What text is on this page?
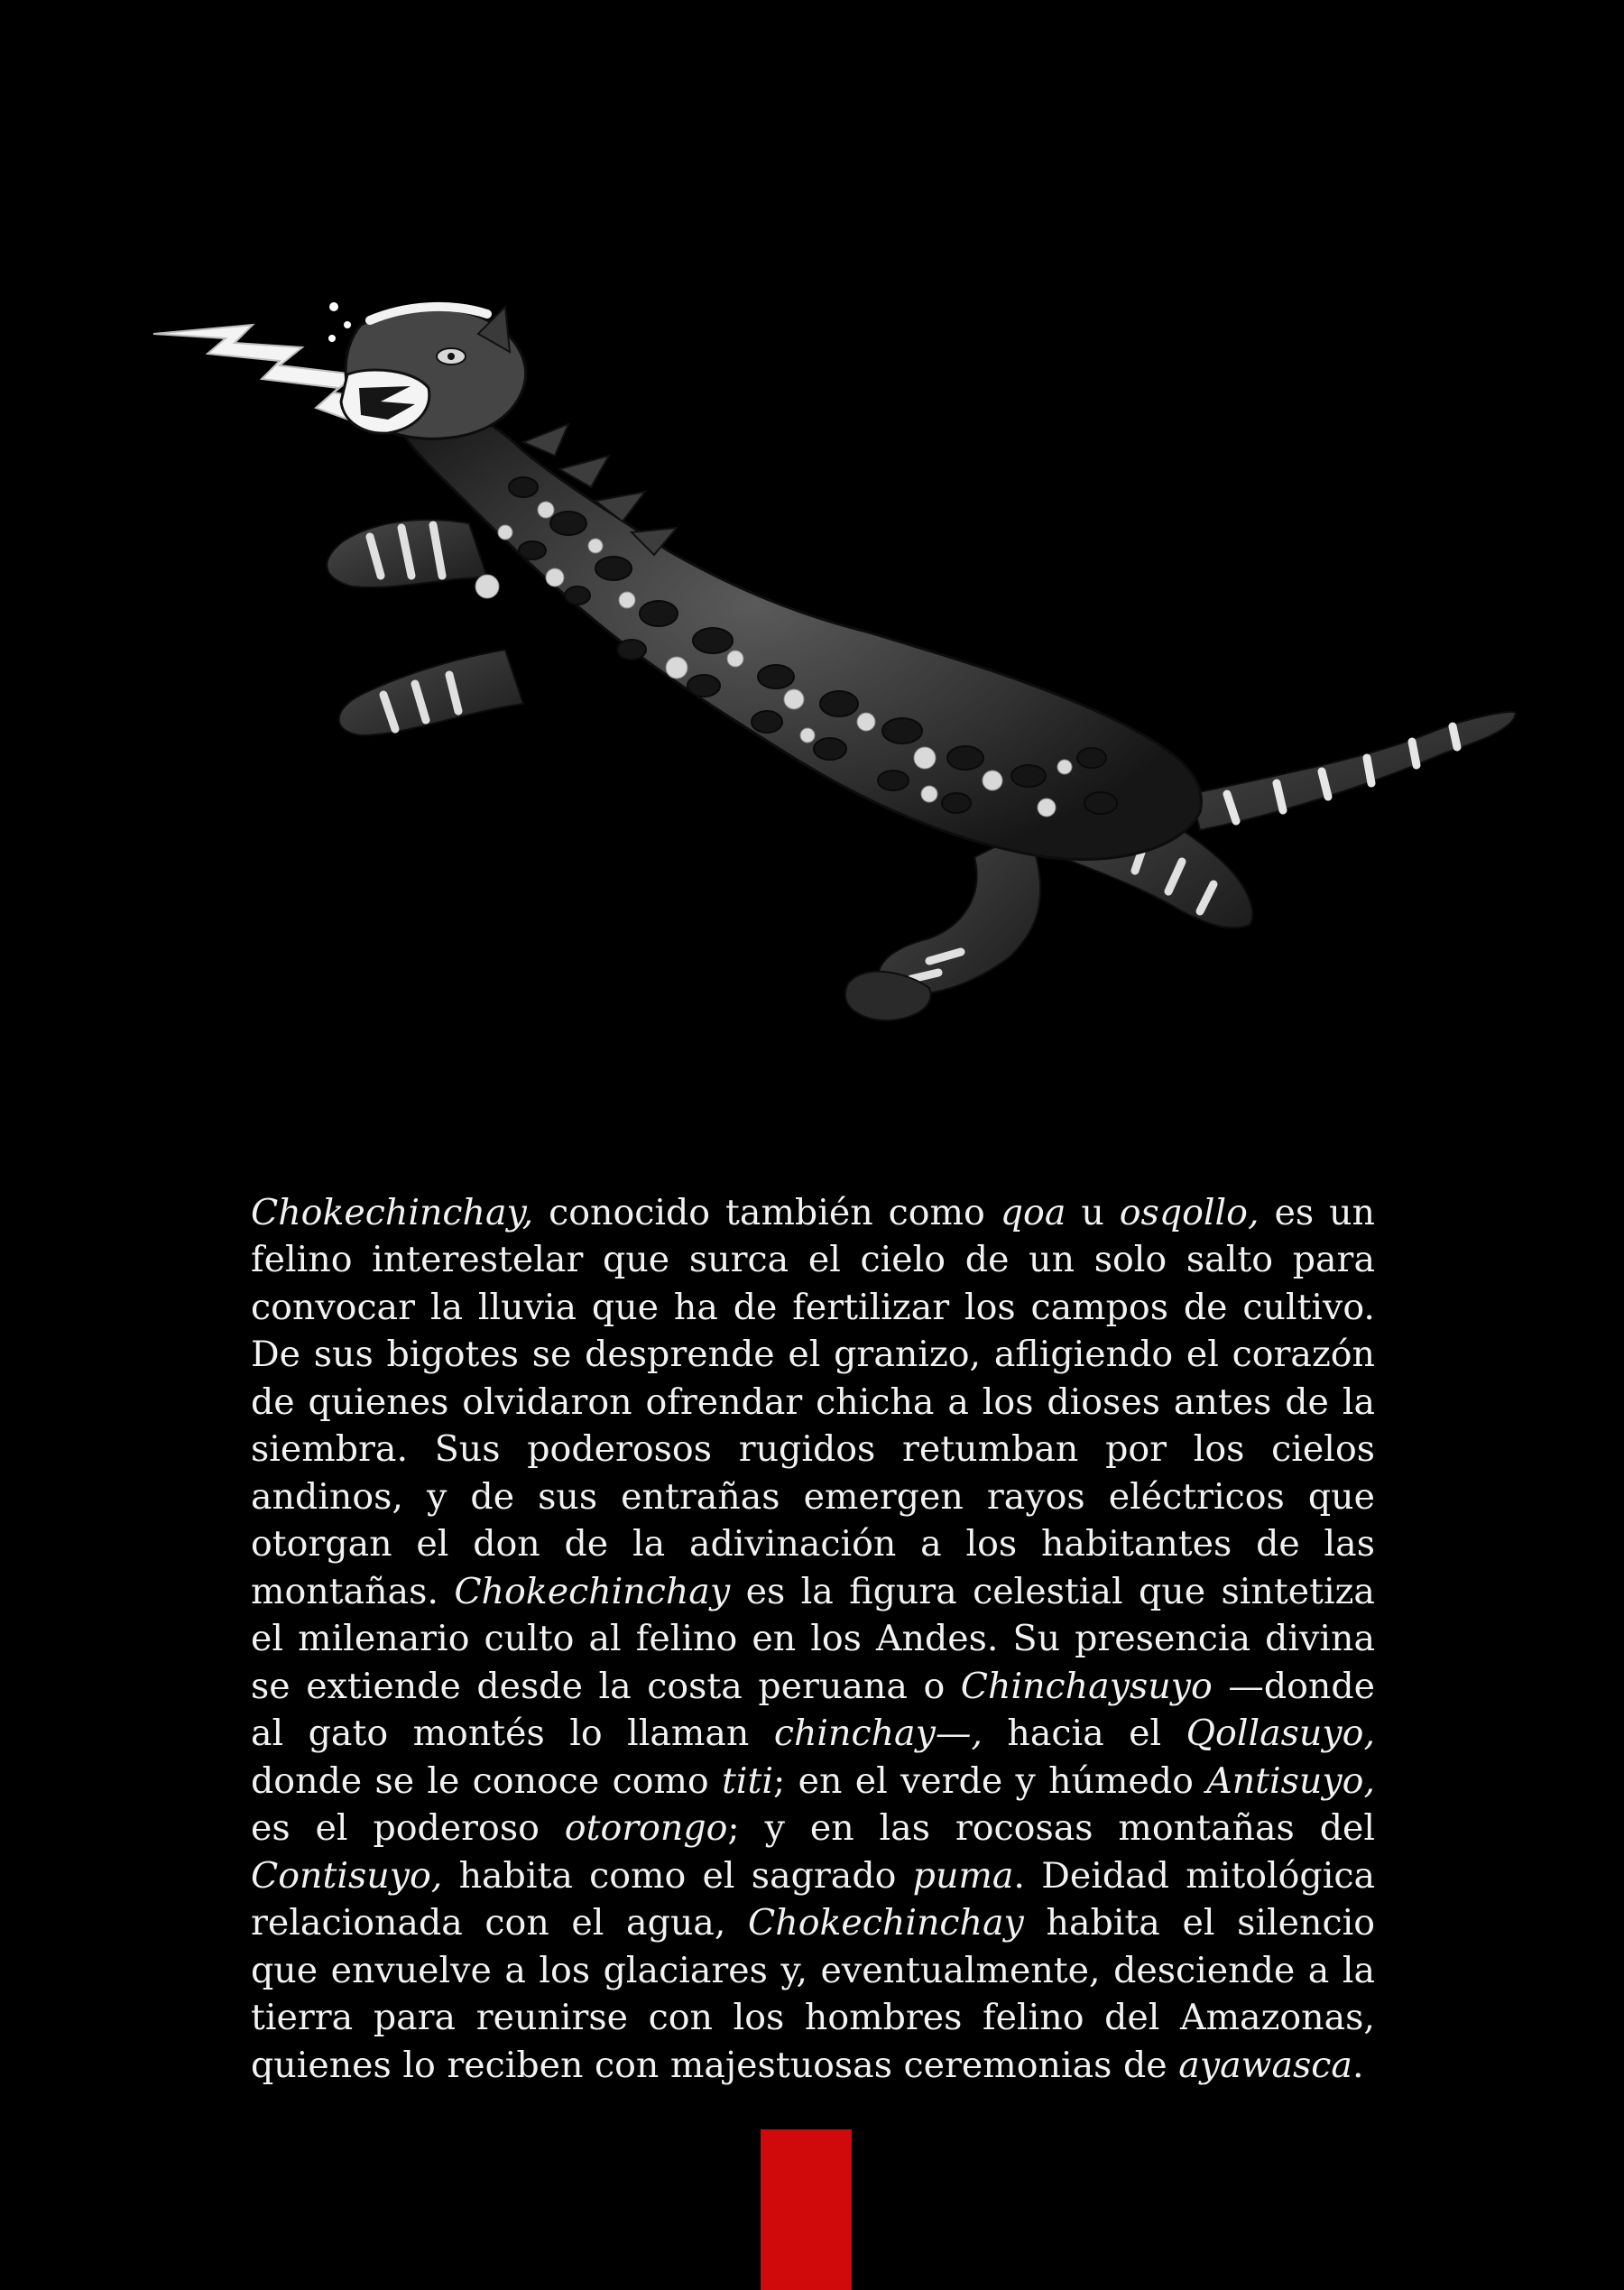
Chokechinchay, conocido también como qoa u osqollo, es un felino interestelar que surca el cielo de un solo salto para convocar la lluvia que ha de fertilizar los campos de cultivo. De sus bigotes se desprende el granizo, afligiendo el corazón de quienes olvidaron ofrendar chicha a los dioses antes de la siembra. Sus poderosos rugidos retumban por los cielos andinos, y de sus entrañas emergen rayos eléctricos que otorgan el don de la adivinación a los habitantes de las montañas. Chokechinchay es la figura celestial que sintetiza el milenario culto al felino en los Andes. Su presencia divina se extiende desde la costa peruana o Chinchaysuyo —donde al gato montés lo llaman chinchay—, hacia el Qollasuyo, donde se le conoce como titi; en el verde y húmedo Antisuyo, es el poderoso otorongo; y en las rocosas montañas del Contisuyo, habita como el sagrado puma. Deidad mitológica relacionada con el agua, Chokechinchay habita el silencio que envuelve a los glaciares y, eventualmente, desciende a la tierra para reunirse con los hombres felino del Amazonas, quienes lo reciben con majestuosas ceremonias de ayawasca.
